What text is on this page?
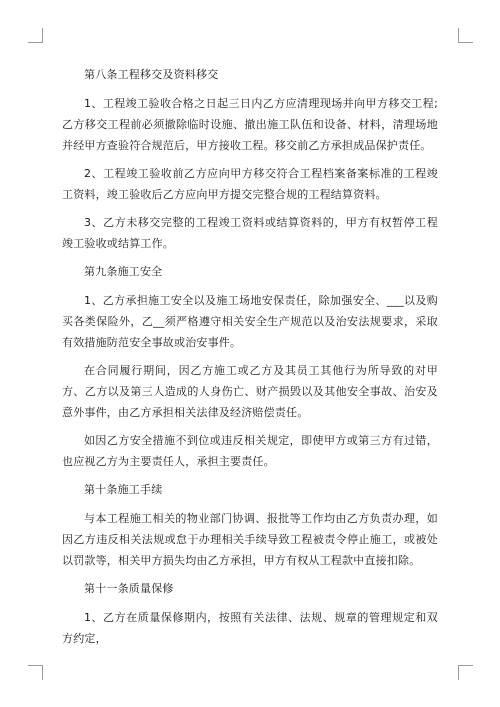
第八条工程移交及资料移交

1、工程竣工验收合格之日起三日内乙方应清理现场并向甲方移交工程;乙方移交工程前必须撤除临时设施、撤出施工队伍和设备、材料，清理场地并经甲方查验符合规范后，甲方接收工程。移交前乙方承担成品保护责任。

2、工程竣工验收前乙方应向甲方移交符合工程档案备案标准的工程竣工资料，竣工验收后乙方应向甲方提交完整合规的工程结算资料。

3、乙方未移交完整的工程竣工资料或结算资料的，甲方有权暂停工程竣工验收或结算工作。

第九条施工安全

1、乙方承担施工安全以及施工场地安保责任，除加强安全、___以及购买各类保险外，乙__须严格遵守相关安全生产规范以及治安法规要求，采取有效措施防范安全事故或治安事件。

在合同履行期间，因乙方施工或乙方及其员工其他行为所导致的对甲方、乙方以及第三人造成的人身伤亡、财产损毁以及其他安全事故、治安及意外事件，由乙方承担相关法律及经济赔偿责任。

如因乙方安全措施不到位或违反相关规定，即使甲方或第三方有过错，也应视乙方为主要责任人，承担主要责任。

第十条施工手续

与本工程施工相关的物业部门协调、报批等工作均由乙方负责办理，如因乙方违反相关法规或怠于办理相关手续导致工程被责令停止施工，或被处以罚款等，相关甲方损失均由乙方承担，甲方有权从工程款中直接扣除。

第十一条质量保修

1、乙方在质量保修期内，按照有关法律、法规、规章的管理规定和双方约定，
